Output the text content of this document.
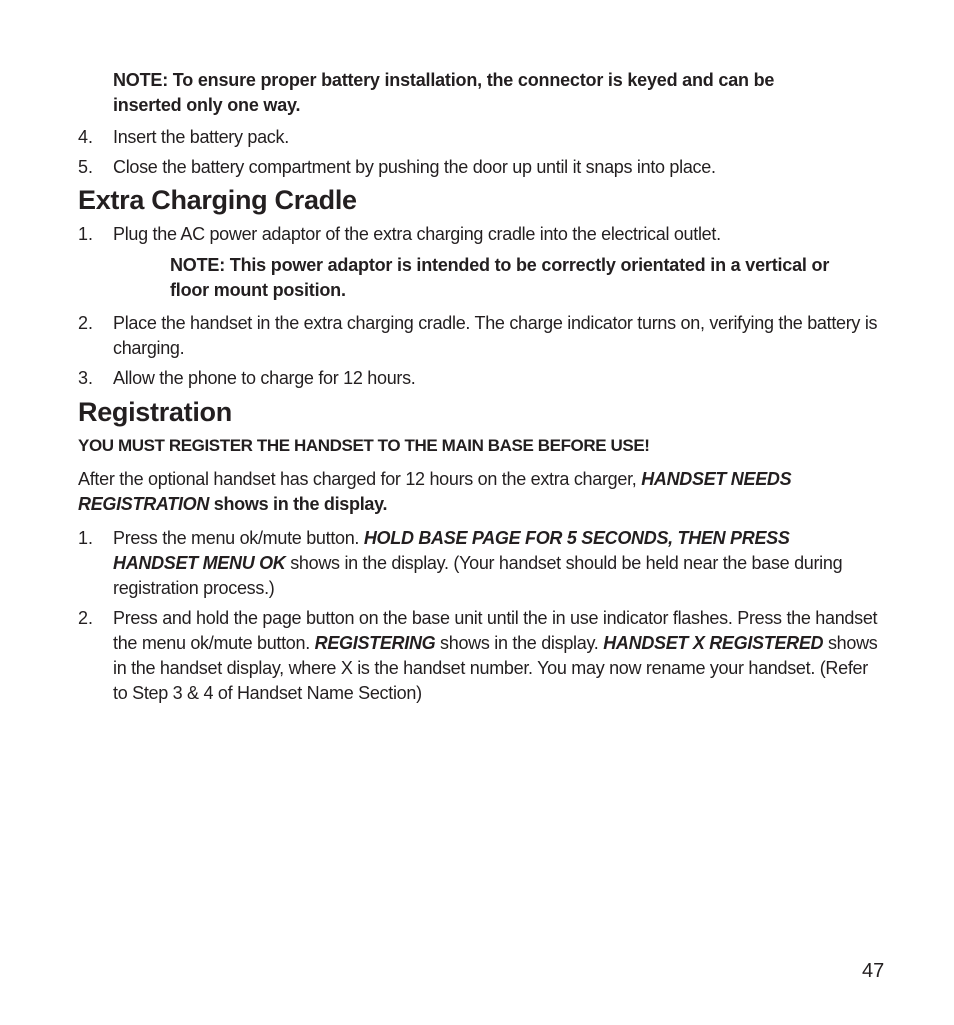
NOTE: To ensure proper battery installation, the connector is keyed and can be inserted only one way.
4. Insert the battery pack.
5. Close the battery compartment by pushing the door up until it snaps into place.
Extra Charging Cradle
1. Plug the AC power adaptor of the extra charging cradle into the electrical outlet.
NOTE: This power adaptor is intended to be correctly orientated in a vertical or floor mount position.
2. Place the handset in the extra charging cradle. The charge indicator turns on, verifying the battery is charging.
3. Allow the phone to charge for 12 hours.
Registration
YOU MUST REGISTER THE HANDSET TO THE MAIN BASE BEFORE USE!
After the optional handset has charged for 12 hours on the extra charger, HANDSET NEEDS REGISTRATION shows in the display.
1. Press the menu ok/mute button. HOLD BASE PAGE FOR 5 SECONDS, THEN PRESS HANDSET MENU OK shows in the display. (Your handset should be held near the base during registration process.)
2. Press and hold the page button on the base unit until the in use indicator flashes. Press the handset the menu ok/mute button. REGISTERING shows in the display. HANDSET X REGISTERED shows in the handset display, where X is the handset number. You may now rename your handset. (Refer to Step 3 & 4 of Handset Name Section)
47
